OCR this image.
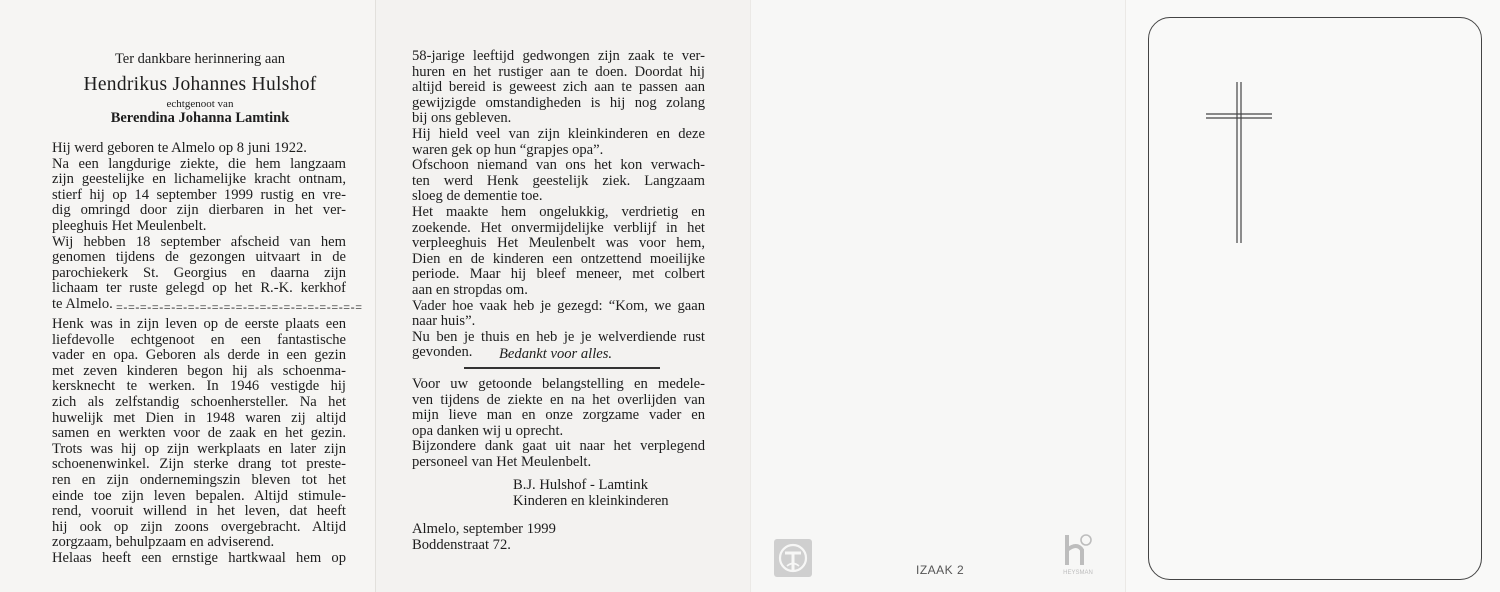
Ter dankbare herinnering aan
Hendrikus Johannes Hulshof
echtgenoot van
Berendina Johanna Lamtink
Hij werd geboren te Almelo op 8 juni 1922.
Na een langdurige ziekte, die hem langzaam
zijn geestelijke en lichamelijke kracht ontnam,
stierf hij op 14 september 1999 rustig en vre-
dig omringd door zijn dierbaren in het ver-
pleeghuis Het Meulenbelt.
Wij hebben 18 september afscheid van hem
genomen tijdens de gezongen uitvaart in de
parochiekerk St. Georgius en daarna zijn
lichaam ter ruste gelegd op het R.-K. kerkhof
te Almelo. =-=-=-=-=-=-=-=-=-=-=-=-=-=-=-=-=-=-=-=-=
Henk was in zijn leven op de eerste plaats een
liefdevolle echtgenoot en een fantastische
vader en opa. Geboren als derde in een gezin
met zeven kinderen begon hij als schoenma-
kersknecht te werken. In 1946 vestigde hij
zich als zelfstandig schoenhersteller. Na het
huwelijk met Dien in 1948 waren zij altijd
samen en werkten voor de zaak en het gezin.
Trots was hij op zijn werkplaats en later zijn
schoenenwinkel. Zijn sterke drang tot preste-
ren en zijn ondernemingszin bleven tot het
einde toe zijn leven bepalen. Altijd stimule-
rend, vooruit willend in het leven, dat heeft
hij ook op zijn zoons overgebracht. Altijd
zorgzaam, behulpzaam en adviserend.
Helaas heeft een ernstige hartkwaal hem op
58-jarige leeftijd gedwongen zijn zaak te ver-
huren en het rustiger aan te doen. Doordat hij
altijd bereid is geweest zich aan te passen aan
gewijzigde omstandigheden is hij nog zolang
bij ons gebleven.
Hij hield veel van zijn kleinkinderen en deze
waren gek op hun “grapjes opa”.
Ofschoon niemand van ons het kon verwach-
ten werd Henk geestelijk ziek. Langzaam
sloeg de dementie toe.
Het maakte hem ongelukkig, verdrietig en
zoekende. Het onvermijdelijke verblijf in het
verpleeghuis Het Meulenbelt was voor hem,
Dien en de kinderen een ontzettend moeilijke
periode. Maar hij bleef meneer, met colbert
aan en stropdas om.
Vader hoe vaak heb je gezegd: “Kom, we gaan
naar huis”.
Nu ben je thuis en heb je je welverdiende rust
gevonden.	Bedankt voor alles.
Voor uw getoonde belangstelling en medele-
ven tijdens de ziekte en na het overlijden van
mijn lieve man en onze zorgzame vader en
opa danken wij u oprecht.
Bijzondere dank gaat uit naar het verplegend
personeel van Het Meulenbelt.
B.J. Hulshof - Lamtink
Kinderen en kleinkinderen
Almelo, september 1999
Boddenstraat 72.
IZAAK 2	HEYSMAN
